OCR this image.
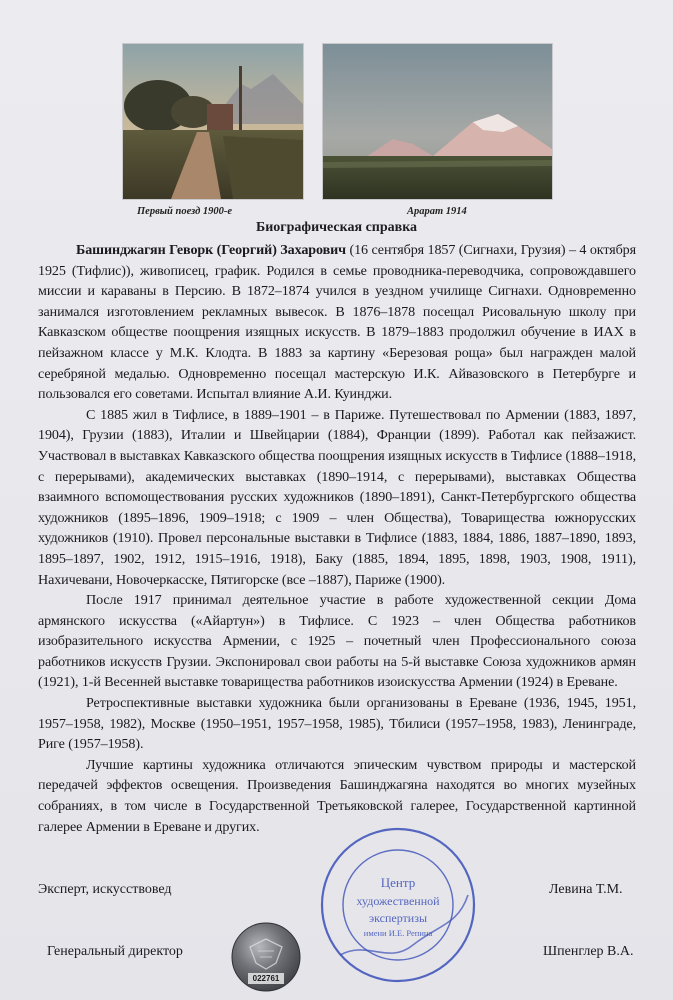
Первый поезд 1900-е	Арарат 1914
Биографическая справка

Башинджагян Геворк (Георгий) Захарович (16 сентября 1857 (Сигнахи, Грузия) – 4 октября 1925 (Тифлис)), живописец, график. Родился в семье проводника-переводчика, сопровождавшего миссии и караваны в Персию. В 1872–1874 учился в уездном училище Сигнахи. Одновременно занимался изготовлением рекламных вывесок. В 1876–1878 посещал Рисовальную школу при Кавказском обществе поощрения изящных искусств. В 1879–1883 продолжил обучение в ИАХ в пейзажном классе у М.К. Клодта. В 1883 за картину «Березовая роща» был награжден малой серебряной медалью. Одновременно посещал мастерскую И.К. Айвазовского в Петербурге и пользовался его советами. Испытал влияние А.И. Куинджи.

С 1885 жил в Тифлисе, в 1889–1901 – в Париже. Путешествовал по Армении (1883, 1897, 1904), Грузии (1883), Италии и Швейцарии (1884), Франции (1899). Работал как пейзажист. Участвовал в выставках Кавказского общества поощрения изящных искусств в Тифлисе (1888–1918, с перерывами), академических выставках (1890–1914, с перерывами), выставках Общества взаимного вспомоществования русских художников (1890–1891), Санкт-Петербургского общества художников (1895–1896, 1909–1918; с 1909 – член Общества), Товарищества южнорусских художников (1910). Провел персональные выставки в Тифлисе (1883, 1884, 1886, 1887–1890, 1893, 1895–1897, 1902, 1912, 1915–1916, 1918), Баку (1885, 1894, 1895, 1898, 1903, 1908, 1911), Нахичевани, Новочеркасске, Пятигорске (все –1887), Париже (1900).

После 1917 принимал деятельное участие в работе художественной секции Дома армянского искусства («Айартун») в Тифлисе. С 1923 – член Общества работников изобразительного искусства Армении, с 1925 – почетный член Профессионального союза работников искусств Грузии. Экспонировал свои работы на 5-й выставке Союза художников армян (1921), 1-й Весенней выставке товарищества работников изоискусства Армении (1924) в Ереване.

Ретроспективные выставки художника были организованы в Ереване (1936, 1945, 1951, 1957–1958, 1982), Москве (1950–1951, 1957–1958, 1985), Тбилиси (1957–1958, 1983), Ленинграде, Риге (1957–1958).

Лучшие картины художника отличаются эпическим чувством природы и мастерской передачей эффектов освещения. Произведения Башинджагяна находятся во многих музейных собраниях, в том числе в Государственной Третьяковской галерее, Государственной картинной галерее Армении в Ереване и других.

Эксперт, искусствовед	Левина Т.М.
Генеральный директор	Шпенглер В.А.
Центр
художественной
экспертизы
имени И.Е. Репина
022761
